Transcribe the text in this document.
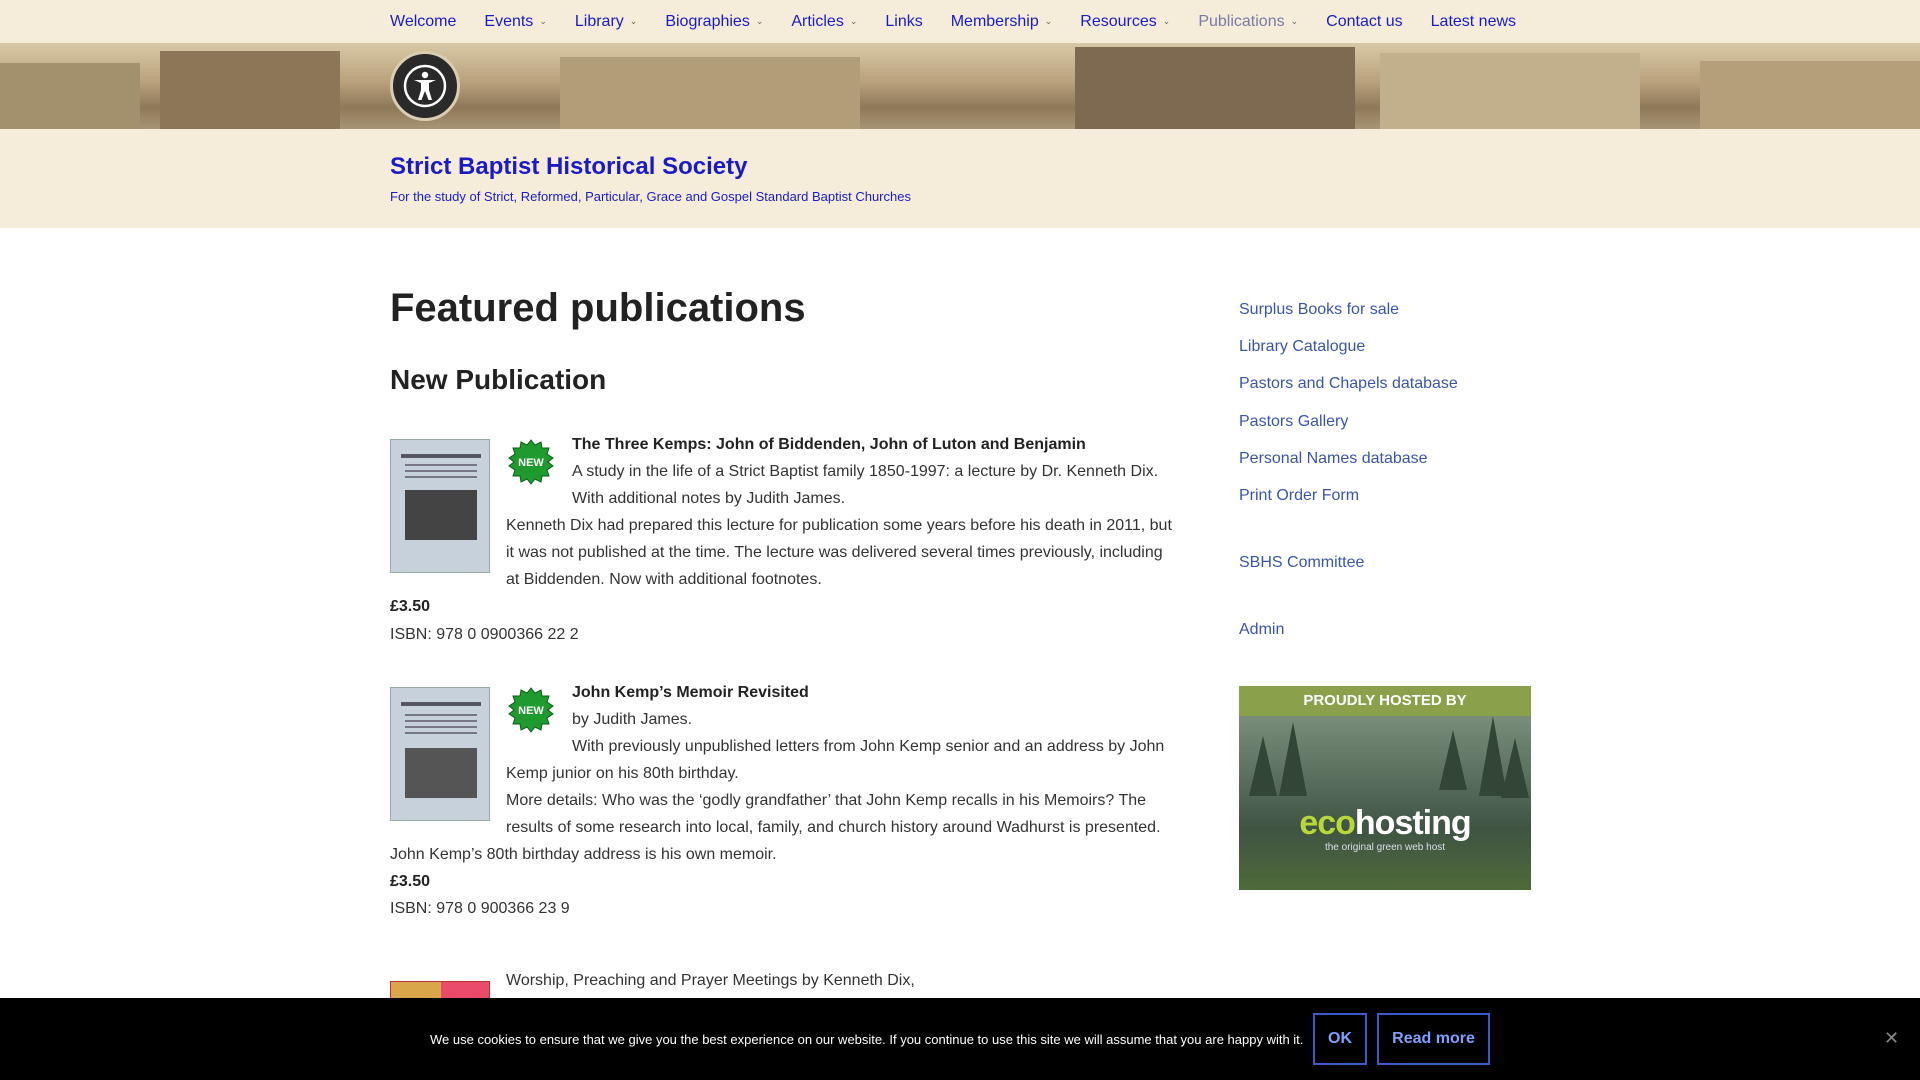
Welcome Events ⌄ Library ⌄ Biographies ⌄ Articles ⌄ Links Membership ⌄ Resources ⌄ Publications ⌄ Contact us Latest news
Strict Baptist Historical Society
For the study of Strict, Reformed, Particular, Grace and Gospel Standard Baptist Churches
Featured publications
New Publication
NEW
The Three Kemps: John of Biddenden, John of Luton and Benjamin
A study in the life of a Strict Baptist family 1850-1997: a lecture by Dr. Kenneth Dix.
With additional notes by Judith James.
Kenneth Dix had prepared this lecture for publication some years before his death in 2011, but
it was not published at the time. The lecture was delivered several times previously, including
at Biddenden. Now with additional footnotes.
£3.50
ISBN: 978 0 0900366 22 2
NEW
John Kemp’s Memoir Revisited
by Judith James.
With previously unpublished letters from John Kemp senior and an address by John
Kemp junior on his 80th birthday.
More details: Who was the ‘godly grandfather’ that John Kemp recalls in his Memoirs? The
results of some research into local, family, and church history around Wadhurst is presented.
John Kemp’s 80th birthday address is his own memoir.
£3.50
ISBN: 978 0 900366 23 9
Worship, Preaching and Prayer Meetings by Kenneth Dix,
Surplus Books for sale
Library Catalogue
Pastors and Chapels database
Pastors Gallery
Personal Names database
Print Order Form
SBHS Committee
Admin
PROUDLY HOSTED BY
ecohosting
the original green web host
We use cookies to ensure that we give you the best experience on our website. If you continue to use this site we will assume that you are happy with it.	OK	Read more	✕
